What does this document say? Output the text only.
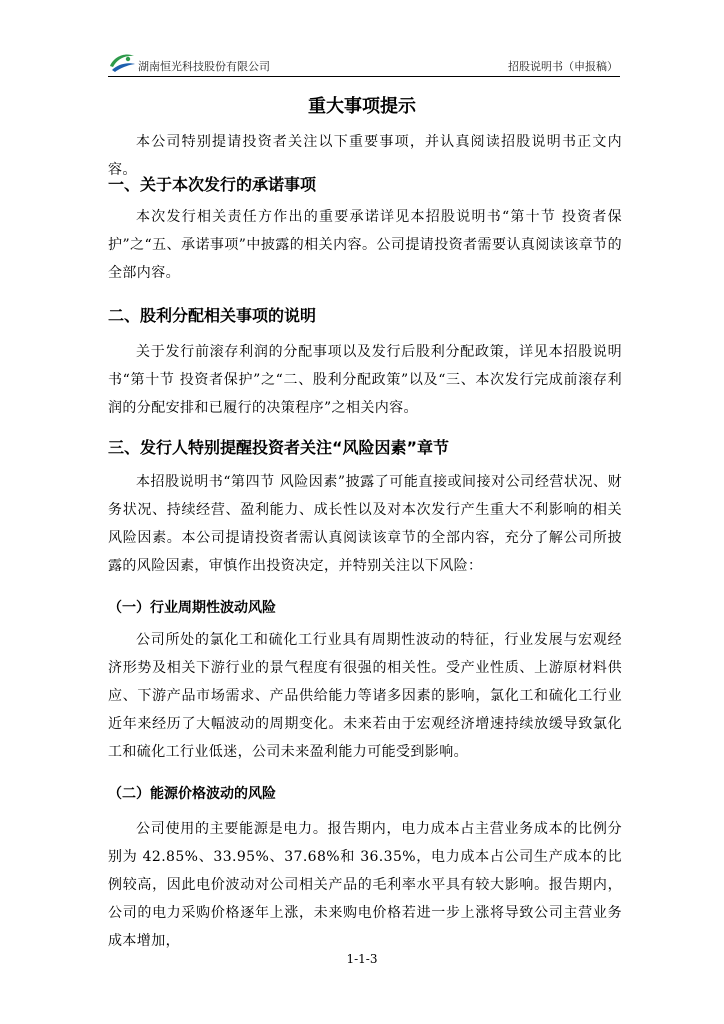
湖南恒光科技股份有限公司	招股说明书（申报稿）
重大事项提示
本公司特别提请投资者关注以下重要事项，并认真阅读招股说明书正文内容。
一、关于本次发行的承诺事项
本次发行相关责任方作出的重要承诺详见本招股说明书“第十节 投资者保护”之“五、承诺事项”中披露的相关内容。公司提请投资者需要认真阅读该章节的全部内容。
二、股利分配相关事项的说明
关于发行前滚存利润的分配事项以及发行后股利分配政策，详见本招股说明书“第十节 投资者保护”之“二、股利分配政策”以及“三、本次发行完成前滚存利润的分配安排和已履行的决策程序”之相关内容。
三、发行人特别提醒投资者关注“风险因素”章节
本招股说明书“第四节 风险因素”披露了可能直接或间接对公司经营状况、财务状况、持续经营、盈利能力、成长性以及对本次发行产生重大不利影响的相关风险因素。本公司提请投资者需认真阅读该章节的全部内容，充分了解公司所披露的风险因素，审慎作出投资决定，并特别关注以下风险：
（一）行业周期性波动风险
公司所处的氯化工和硫化工行业具有周期性波动的特征，行业发展与宏观经济形势及相关下游行业的景气程度有很强的相关性。受产业性质、上游原材料供应、下游产品市场需求、产品供给能力等诸多因素的影响，氯化工和硫化工行业近年来经历了大幅波动的周期变化。未来若由于宏观经济增速持续放缓导致氯化工和硫化工行业低迷，公司未来盈利能力可能受到影响。
（二）能源价格波动的风险
公司使用的主要能源是电力。报告期内，电力成本占主营业务成本的比例分别为 42.85%、33.95%、37.68%和 36.35%，电力成本占公司生产成本的比例较高，因此电价波动对公司相关产品的毛利率水平具有较大影响。报告期内，公司的电力采购价格逐年上涨，未来购电价格若进一步上涨将导致公司主营业务成本增加，
1-1-3
